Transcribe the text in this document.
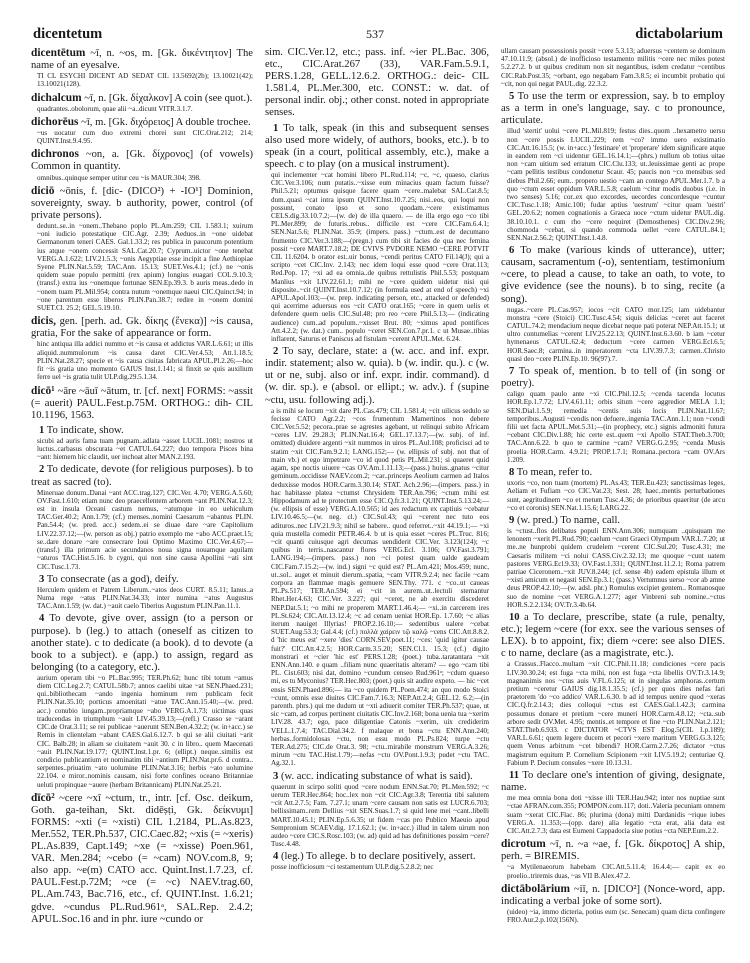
dicentetum	537	dictabolarium

dicentētum ~ī, n. ~os, m. [Gk. δικέντητον] The name of an eyesalve.

TI CL ESYCHI DICENT AD SEDAT CIL 13.5692(2b); 13.10021(42); 13.10021(128).

dichalcum ~ī, n. [Gk. δίχαλκον] A coin (see quot.).

quadrantes..obolorum, quae alii ~a..dicunt VITR.3.1.7.

dichorēus ~ī, m. [Gk. διχόρειος] A double trochee.

~us uocatur cum duo extremi chorei sunt CIC.Orat.212; 214; QUINT.Inst.9.4.95.

dichronos ~on, a. [Gk. δίχρονος] (of vowels) Common in quantity.

omnibus..quinque semper utitur ceu ~is MAUR.304; 398.

diciō ~ōnis, f. [dic- (DICO²) + -IO¹] Dominion, sovereignty, sway. b authority, power, control (of private persons).

dedunt..se..in ~onem..Thebano poplo PL.Am.259; CIL 1.583.1; xuirum ~oni iudicio potestatique CIC.Agr. 2.39; Aeduos..in ~one uidebat Germanorum teneri CAES. Gal.1.33.2; res publica in paucorum potentium ius atque ~onem concessit SAL.Cat.20.7; Cyprum..uictor ~one tenebat VERG.A.1.622; LIV.21.5.3; ~onis Aegyptiae esse incipit a fine Aethiopiae Syene PLIN.Nat.5.59; TAC.Ann. 15.13; SUET.Ves.4.1; (cf.) ne ~onis quidem suae populo permitti (rex apium) longius euagari COL.9.10.3; (transf.) extra ius ~onemque fortunae SEN.Ep.39.3. b auris meas..dedo in ~onem tuam PL.Mil.954; contra nutum ~onemque naeui CIC.Quinct.94; in ~one parentum esse liberos PLIN.Pan.38.7; redire in ~onem domini SUET.Cl. 25.2; GEL.5.19.10.

dicis, gen. [perh. ad. Gk. δίκης (ἕνεκα)] ~is causa, gratia, For the sake of appearance or form.

hinc antiqua illa addici nummo et ~is causa et addictus VAR.L.6.61; ut illis aliquid..nummulorum ~is causa daret CIC.Ver.4.53; Att.1.18.5; PLIN.Nat.28.27; specie et ~is causa ciuitas fabricata APUL.Pl.2.26;—hoc fit ~is gratia uno momento GAIUS Inst.1.141; si finxit se quis auxilium ferre uel ~is gratia tulit ULP.dig.29.5.1.34.

dicō¹ ~āre ~āuī ~ātum, tr. [cf. next] FORMS: ~assit (= auerit) PAUL.Fest.p.75M. ORTHOG.: dih- CIL 10.1196, 1563.

1 To indicate, show.

sicubi ad auris fama tuam pugnam..adlata ~asset LUCIL.1081; nostros ut luctus..carbasus obscurata ~et CATUL.64.227; duo tempora Pisces bina ~ant: hiemem hic claudit, uer inchoat alter MAN.2.193.

2 To dedicate, devote (for religious purposes). b to treat as sacred (to).

Mineruae donum..Danai ~ant ACC.trag.127; CIC.Ver. 4.70; VERG.A.5.60; OV.Fast.1.610; etiam nunc deo praecellentem arborem ~ant PLIN.Nat.12.3; est in insula Oceani castum nemus, ~atumque in eo uehiculum TAC.Ger.40.2; Ann.1.79; (cf.) menses..nomini Caesarum ~abantus PLIN. Pan.54.4; (w. pred. acc.) sedem..ei se diuae dare ~are Capitolium LIV.22.37.12;—(w. person as obj.) patrio exemplo me ~abo ACC.praet.15; se..dare donare ~are consecrare Ioui Optimo Maximo CIC.Ver.4.67;—(transf.) illa primum acie secundanos noua signa nouamque aquilam ~aturos TAC.Hist.5.16. b cygni, qui non sine causa Apollini ~ati sint CIC.Tusc.1.73.

3 To consecrate (as a god), deify.

Herculem quidem et Patrem Liberum..~atos deos CURT. 8.5.11; Ianus..a Numa rege ~atus PLIN.Nat.34.33; inter numina ~atus Augustus TAC.Ann.1.59; (w. dat.) ~auit caelo Tiberius Augustum PLIN.Pan.11.1.

4 To devote, give over, assign (to a person or purpose). b (leg.) to attach (oneself as citizen to another state). c to dedicate (a book). d to devote (a book to a subject). e (app.) to assign, regard as belonging (to a category, etc.).

aurium operam tibi ~o PL.Bac.995; TER.Ph.62; hunc tibi totum ~amus diem CIC.Leg.2.7; CATUL.58b.7; annos caelibi uitae ~at SEN.Phaed.231; qui..bibliothecam ~ando ingenia hominum rem publicam fecit PLIN.Nat.35.10; porticus amoenitati ~atue TAC.Ann.15.40;—(w. pred. acc.) conubio iungam..propriamque ~abo VERG.A.1.73; uictimas quas traducendas in triumphum ~auit LIV.45.39.13;—(refl.) Crasso se ~arant CIC.de Orat.3.11; se rei publicae ~auerunt SEN.Ben.4.32.2; (w. in+acc.) se Remis in clientelam ~abant CAES.Gal.6.12.7. b qui se alii ciuitati ~arit CIC. Balb.28; in aliam se ciuitatem ~auit 30. c in libro.. quem Maecenati ~auit PLIN.Nat.19.177; QUINT.Inst.1.pr. 6; (ellipt.) neque..similis est condicio publicantium et nominatim tibi ~antium PLIN.Nat.pr.6. d contra.. serpentes..priuatim ~ato uolumine PLIN.Nat.3.16; herbis ~ato uolumine 22.104. e miror..nominis causam, nisi forte confines oceano Britanniae ueluti propinquae ~auere (herbam Britannicam) PLIN.Nat.25.21.

dīcō² ~cere ~xī ~ctum, tr., intr. [cf. Osc. deikum, Goth. ga-teihan, Skt. didēṣṭi, Gk. δείκνυμι] FORMS: ~xti (= ~xisti) CIL 1.2184, PL.As.823, Mer.552, TER.Ph.537, CIC.Caec.82; ~xis (= ~xeris) PL.As.839, Capt.149; ~xe (= ~xisse) Poen.961, VAR. Men.284; ~cebo (= ~cam) NOV.com.8, 9; also app. ~e(m) CATO acc. Quint.Inst.1.7.23, cf. PAUL.Fest.p.72M; ~ce (= ~c) NAEV.trag.60, PL.Am.743, Bac.716, etc., cf. QUINT.Inst. 1.6.21; gdve. ~cundus PL.Rud.961ᵃ, SAL.Rep. 2.4.2; APUL.Soc.16 and in phr. iure ~cundo or

sim. CIC.Ver.12, etc.; pass. inf. ~ier PL.Bac. 306, etc., CIC.Arat.267 (33), VAR.Fam.5.9.1, PERS.1.28, GELL.12.6.2. ORTHOG.: deic- CIL 1.581.4, PL.Mer.300, etc. CONST.: w. dat. of personal indir. obj.; other const. noted in appropriate senses.

1 To talk, speak (in this and subsequent senses also used more widely, of authors, books, etc.). b to speak (in a court, political assembly, etc.), make a speech. c to play (on a musical instrument).

qui inclementer ~cat homini libero PL.Rud.114; ~c, ~c, quaeso, clarius CIC.Ver.3.106; num putatis..~xisse eum minacius quam factum fuisse? Phil.5.21; optumus quisque facere quam ~cere..malebat SAL.Cat.8.5; dum..quasi ~cat intra ipsum QUINT.Inst.10.7.25; nisi..eos, qui loqui non possunt, conato ipso et sono quodam..~cere existimamus CELS.dig.33.10.7.2;—(w. de) de illa quaero. — de illa ergo ego ~co tibi PL.Mer.899; de futuris..rebus.. difficile est ~cere CIC.Fam.6.4.1; SEN.Nat.5.6; PLIN.Nat. 35.9; (impers. pass.) ~ctum..est de decumano frumento CIC.Ver.3.188;—(pregn.) cum tibi sit facies de qua nec femina possit ~cere MART.7.18.2; DE CVIVS PVDORE NEMO ~CERE POTVIT CIL 11.6204. b orator est..uir bonus, ~cendi peritus CATO Fil.14(J); qui a scripto ~cet CIC.Inv. 2.143; nec idem loqui esse quod ~cere Orat.113; Red.Pop. 17; ~xi ad ea omnia..de quibus rettulistis Phil.5.53; postquam Manlius ~xit LIV.22.61.1; mihi ne ~cere quidem uidetur nisi qui disposite..~cit QUINT.Inst.10.7.12; (in formula used at end of speech) ~xi APUL.Apol.103;—(w. prep. indicating person, etc., attacked or defended) qui acerrime aduersus eos ~cit CATO orat.165; ~cere in quem uelis et defendere quem uelis CIC.Sul.48; pro reo ~cere Phil.5.13;— (indicating audience) cum..ad populum..~xisset Brut. 80; ~ximus apud pontifices Att.4.2.2; (w. dat.) cum.. populo ~ceret SEN.Con.7.pr.1. c ut Musae..tibias inflarent, Saturus et Paniscus ad fistulam ~cerent APUL.Met. 6.24.

2 To say, declare, state: a (w. acc. and inf. expr. indir. statement; also w. quia). b (w. indir. qu.). c (w. ut or ne, subj. also or inf. expr. indir. command). d (w. dir. sp.). e (absol. or ellipt.; w. adv.). f (supine ~ctu, usu. following adj.).

a is mihi se locum ~xit dare PL.Cas.479; CIL 1.581.4; ~cit uilicus sedulo se fecisse CATO Agr.2.2; ~cos frumentum Mamertinos non debere CIC.Ver.5.52; pecora..prae se agrestes agebant, ut relinqui subito Africam ~ceres LIV. 29.28.3; PLIN.Nat.16.4; GEL.17.13.7;—(w. subj. of inf. omitted) diuidere argenti ~xit nummos in uiros PL.Aul.108; proficisci ad te statim ~xit CIC.Fam.9.2.1; LANG.152;— (w. ellipsis of subj. not that of main vb.) et ego impetrare ~co id quod petis PL.Mil.231; si quaeret quid agam, spe noctis uiuere ~cas OV.Am.1.11.13;—(pass.) huius..gnatus ~citur geminum..occidisse NAEV.com.2; ~car..princeps Aeolium carmen ad Italos deduxisse modos HOR.Carm.3.30.14; STAT. Ach.2.96;—(impers. pass.) in hac habitasse platea ~ctumst Chrysidem TER.An.796; ~ctum mihi est Hippodamum ad te protectum esse CIC.Q.fr.3.1.21; QUINT.Inst.5.13.24;—(w. ellipsis of esse) VERG.A.10.565; id aes redactum ex captiuis ~cebatur LIV.10.46.5;—(w. neg. cl.) CIC.Sul.43; qui ~cerent nec tuto eos adituros..nec LIV.21.9.3; nihil se habere.. quod referret..~xit 44.19.1;— ~xi quia mustella comedit PETR.46.4. b ut is quia esset ~ceres PL.Truc. 816; ~cit quanti cuiusque agri decumas uendiderit CIC.Ver. 3.123(124); ~c quibus in terris..nascantur flores VERG.Ecl. 3.106; OV.Fast.3.791; LANG.194;—(impers. pass.) non ~ci potest quam ualde gaudeam CIC.Fam.7.15.2;—(w. ind.) signi ~c quid est? PL.Am.421; Mos.459; nunc, ut..sol.. auget et minuit dierum..spatia, ~cam VITR.9.2.4; nec facile ~cam corpora an flammae magis gemuere SEN.Thy. 771. c ~co..ut caueas PL.Ps.517; TER.An.594; ei ~cit in aurem..ut..lectuli sternantur Rhet.Her.4.63; CIC.Ver. 3.227; qui ~ceret, ne ab exercitu discederet NEP.Dat.5.1; ~o mihi ne properem MART.1.46.4;— ~xi..in carcerem ires PL.St.624; CIC.Att.13.12.4; ~c ad cenam ueniat HOR.Ep. 1.7.60; ~c alias iterum nauiget Illyrias! PROP.2.16.10;— sedentibus ualere ~cebat SUET.Aug.53.3; Gal.4.4; (cf.) πολλὰ χαίρειν τῷ καλῷ ~cens CIC.Att.8.8.2. d 'hic meus est' ~xere 'dies' CORN.SEV.poet.11; ~ces: 'quid igitur causae fuit?' CIC.Att.4.2.5; HOR.Carm.3.5.20; SEN.Cl.1. 15.3; (cf.) digito monstrari et ~cier 'hic est' PERS.1.28; (poet.) tuba..taratantara ~xit ENN.Ann.140. e quam ..filiam nunc quaeritatis alteram? — ego ~cam tibi PL. Cist.603; nisi dat, domino ~cundum censeo Rud.961ᵃ; ~cdum quaeso mi, es tu Myconius? TER.Hec.803; (poet.) quis sit audire expeto. — hic ~cet ensis SEN.Phaed.896;— ita ~co quidem PL.Poen.474; an quo modo Stoici ~cunt, omnis esse diuites CIC.Fam.7.16.3; NEP.Att.2.4; GEL.12. 6.2;—(in parenth. phrs.) qui me dudum ut ~xti adiuerit comiter TER.Ph.537; quae, ut sic ~cam, ad corpus pertinent ciuitatis CIC.Inv.2.168; bona uenia tua ~xerim LIV.28. 43.7; ego, pace diligentiae Catonis ~xerim, uix crediderim VELL.1.7.4; TAC.Dial.34.2. f malaque et bona ~ctu ENN.Ann.240; herbas..formidolosas ~ctu, non essu modo PL.Ps.824; turpe ~ctu TER.Ad.275; CIC.de Orat.3. 98; ~ctu..mirabile monstrum VERG.A.3.26; mirum ~ctu TAC.Hist.1.79;—nefas ~ctu OV.Pont.1.9.3; pudet ~ctu TAC. Ag.32.1.

3 (w. acc. indicating substance of what is said).

quaerunt in scirpo soliti quod ~cere nodum ENN.Sat.70; PL.Men.592; ~c uerum TER.Hec.864; hoc..lex non ~cit CIC.Agr.3.8; Terentia tibi salutem ~cit Att.2.7.5; Fam. 7.27.1; unam ~cere causam non satis est LUCR.6.703; bellissimam..rem Dellius ~xit SEN.Suas.1.7; si quid lene mei ~cant..libelli MART.10.45.1; PLIN.Ep.5.6.35; ut fidem ~cas pro Publico Maeuio apud Sempronium SCAEV.dig. 17.1.62.1; (w. in+acc.) illud in talem uirum non audeo ~cere CIC.S.Rosc.103; (w. ad) quid ad has definitiones possim ~cere? Tusc.4.48.

4 (leg.) To allege. b to declare positively, assert.

posse inofficiosum ~ci testamentum ULP.dig.5.2.8.2; nec

ullam causam possessionis possit ~cere 5.3.13; aduersus ~centem se dominum 47.10.11.9; (absol.) de inofficioso testamento militis ~cere nec miles potest 5.2.27.2. b ut quibus creditum non sit negantibus, isdem credatur ~centibus CIC.Rab.Post.35; ~orbant, ego negabam Fam.3.8.5; ei incumbit probatio qui ~cit, non qui negat PAUL.dig. 22.3.2.

5 To use the term or expression, say. b to employ as a term in one's language, say. c to pronounce, articulate.

illud 'stertit' uolui ~cere PL.Mil.819; festus dies..quom ..hexametro uersu non ~cere possis LUCIL.229; rem ~co? immo uero existimatio CIC.Att.16.15.5; (w. in+acc.) 'festinare' et 'properare' idem significare atque in eandem rem ~ci uidentur GEL.16.14.1;—(phrs.) nullum ob totius uitae non ~cam uitium sed erratum CIC.Clu.133; ut..leuissimae genti ac prope ~cam pellitis testibus condonetur Scaur. 45; paucis non ~co mensibus sed diebus Phil.2.66; eum.. propero uestio ~cam an contego APUL.Met.1.7. b a quo ~ctum esset oppidum VAR.L.5.8; caelum ~citur modis duobus (i.e. in two senses) 5.16; cor..ex quo excordes, uecordes concordesque ~cuntur CIC.Tusc.1.18; Amic.100; fudar aptius 'uestrum' ~citur quam 'uestri' GEL.20.6.2; nomen cognationis a Graeca uoce ~ctum uidetur PAUL.dig. 38.10.10.1. c cum rho ~cere nequiret (Demosthenes) CIC.Div.2.96; chommoda ~cebat, si quando commoda uellet ~cere CATUL.84.1; SEN.Nat.2.56.2; QUINT.Inst.1.4.8.

6 To make (various kinds of utterance), utter; causam, sacramentum (-o), sententiam, testimonium ~cere, to plead a cause, to take an oath, to vote, to give evidence (see the nouns). b to sing, recite (a song).

nugas..~cere PL.Cas.957; iocos ~cit CATO mor.125; iam uidebantur monstra ~cere (Stoici) CIC.Tusc.4.54; siquis delicias ~ceret aut faceret CATUL.74.2; mendacium neque dicebat neque pati poterat NEP.Att.15.1; ut ultro contumelias ~cerent LIV.25.22.13; QUINT.Inst.6.3.60. b iam ~cetur hymenaeus CATUL.62.4; deductum ~cere carmen VERG.Ecl.6.5; HOR.Saec.8; carmina..in imperatorem ~cta LIV.39.7.3; carmen..Christo quasi deo ~cere PLIN.Ep.10. 96(97).7.

7 To speak of, mention. b to tell of (in song or poetry).

caligo quam paulo ante ~xi CIC.Phil.12.5; ~cenda tacenda locutus HOR.Ep.1.7.72; LIV.4.61.11; orbis situm ~cere aggredior MELA 1.1; SEN.Dial.1.5.9; remedia ~centis suis locis PLIN.Nat.11.67; temporibus..Augusti ~cendis non defuere..ingenia TAC.Ann.1.1; non ~cendi filii uet facta APUL.Met.5.31;—(in prophecy, etc.) signis admoniti futura ~cebant CIC.Div.1.88; hic certe est..quem ~xi Apollo STAT.Theb.3.700; TAC.Ann.6.22. b quo te carmine ~cam? VERG.G.2.95; ~cenda Musis proelia HOR.Carm. 4.9.21; PROP.1.7.1; Romana..pectora ~cam OV.Ars 1.209.

8 To mean, refer to.

uxoris ~co, non tuam (mortem) PL.As.43; TER.Eu.423; sanctissimas leges, Aeliam et Fufiam ~co CIC.Vat.23; Sest. 28; haec..mentis perturbationes sunt, aegritudinem ~co et metum Tusc.4.36; de prioribus quaeritur (de arcu ~co et coronis) SEN.Nat.1.15.6; LARG.22.

9 (w. pred.) To name, call.

is ~ctust..flos delibatus populi ENN.Ann.306; numquam ..quisquam me lenonem ~xerit PL.Rud.790; caelum ~cunt Graeci Olympum VAR.L.7.20; ut me..ne hunprobi quidem crudelem ~cerent CIC.Sul.20; Tusc.4.31; me Caesaris militem ~ci nolui CASS.Civ.2.32.13; me quoque ~cunt uatem pastores VERG.Ecl.9.33; OV.Fast.1.331; QUINT.Inst.11.2.1; Roma patrem patriae Ciceronem..~xit JUV.8.244; (cf. sense 4b) eadem epistula illum et ~xisti amicum et negasti SEN.Ep.3.1; (pass.) Vertumnus uerso ~cor ab amne deus PROP.4.2.10;—(w. adsl. phr.) Romulus excipiet gentem.. Romanosque suo de nomine ~cet VERG.A.1.277; ager Vinbreni sub nomine..~ctus HOR.S.2.2.134; OV.Tr.3.4b.64.

10 a To declare, prescribe, state (a rule, penalty, etc.); legem ~cere (for exx. see the various senses of LEX). b to appoint, fix; diem ~cere: see also DIES. c to name, declare (as a magistrate, etc.).

a Crassus..Flacco..multam ~xit CIC.Phil.11.18; condiciones ~cere pacis LIV.30.30.24; est fuga ~cta mihi, non est fuga ~cta libellis OV.Tr.3.14.9; magnanimis nos ~ctus auis V.FL.6.125; ut in singulas amphoras..certum pretium ~ceretur GAIUS dig.18.1.35.5; (cf.) per quos dies nefas fari praetorem 'do ~co addico' VAR.L.6.30. b ad id tempus uenire quod ~xeras CIC.Q.fr.2.14.3; dies colloqui ~ctus est CAES.Gal.1.42.3; carmina possumus donare et pretium ~cere muneri HOR.Carm.4.8.12; ~cta..sub arbore sedit OV.Met. 4.95; mentis..et tempore et fine ~cto PLIN.Nat.2.121; STAT.Theb.6.933. c DICTATOR ~CTVS EST Elog.5(CIL 1.p.189); VAR.L.6.61; quem legere ducem et pecori ~xere maritum VERG.G.3.125; quem Venus arbitrum ~cet bibendi? HOR.Carm.2.7.26; dictator ~ctus magistrum equitum P. Cornelium Scipionem ~xit LIV.5.19.2; centuriae Q. Fabium P. Decium consules ~xere 10.13.31.

11 To declare one's intention of giving, designate, name.

me mea omnia bona doti ~xisse illi TER.Hau.942; inter nos nuptiae sunt ~ctae AFRAN.com.355; POMPON.com.117; doti..Valeria pecuniam omnem suam ~xerat CIC.Flac. 86; plurima (dona) mitti Dardanidis ~rique iubes VERG.A. 11.353;—(opp. dare) alia legatio ~cta erat, alia data est CIC.Att.2.7.3; data est Eumeni Cappadocia siue potius ~cta NEP.Eum.2.2.

dicrotum ~ī, n. ~a ~ae, f. [Gk. δίκροτος] A ship, perh. = BIREMIS.

~a Mytilenaeorum habebam CIC.Att.5.11.4; 16.4.4;— capit ex eo proelio..triremis duas, ~as VII B.Alex.47.2.

dictābolārium ~iī, n. [DICO²] (Nonce-word, app. indicating a verbal joke of some sort).

(uideo) ~ia, immo dicteria, potius eum (sc. Senecam) quam dicta confingere FRO.Aur.2.p.102(156N).
